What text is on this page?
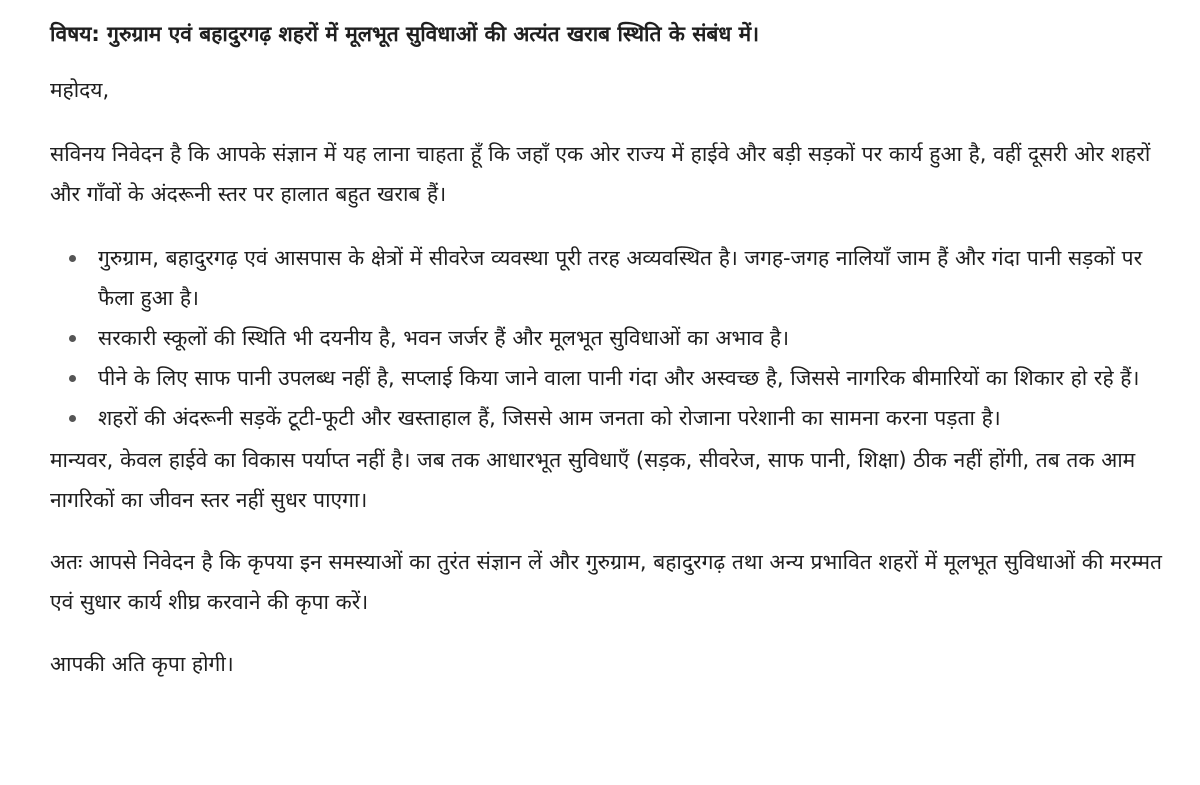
विषय: गुरुग्राम एवं बहादुरगढ़ शहरों में मूलभूत सुविधाओं की अत्यंत खराब स्थिति के संबंध में।

महोदय,

सविनय निवेदन है कि आपके संज्ञान में यह लाना चाहता हूँ कि जहाँ एक ओर राज्य में हाईवे और बड़ी सड़कों पर कार्य हुआ है, वहीं दूसरी ओर शहरों और गाँवों के अंदरूनी स्तर पर हालात बहुत खराब हैं।

गुरुग्राम, बहादुरगढ़ एवं आसपास के क्षेत्रों में सीवरेज व्यवस्था पूरी तरह अव्यवस्थित है। जगह-जगह नालियाँ जाम हैं और गंदा पानी सड़कों पर फैला हुआ है।
सरकारी स्कूलों की स्थिति भी दयनीय है, भवन जर्जर हैं और मूलभूत सुविधाओं का अभाव है।
पीने के लिए साफ पानी उपलब्ध नहीं है, सप्लाई किया जाने वाला पानी गंदा और अस्वच्छ है, जिससे नागरिक बीमारियों का शिकार हो रहे हैं।
शहरों की अंदरूनी सड़कें टूटी-फूटी और खस्ताहाल हैं, जिससे आम जनता को रोजाना परेशानी का सामना करना पड़ता है।

मान्यवर, केवल हाईवे का विकास पर्याप्त नहीं है। जब तक आधारभूत सुविधाएँ (सड़क, सीवरेज, साफ पानी, शिक्षा) ठीक नहीं होंगी, तब तक आम नागरिकों का जीवन स्तर नहीं सुधर पाएगा।

अतः आपसे निवेदन है कि कृपया इन समस्याओं का तुरंत संज्ञान लें और गुरुग्राम, बहादुरगढ़ तथा अन्य प्रभावित शहरों में मूलभूत सुविधाओं की मरम्मत एवं सुधार कार्य शीघ्र करवाने की कृपा करें।

आपकी अति कृपा होगी।
